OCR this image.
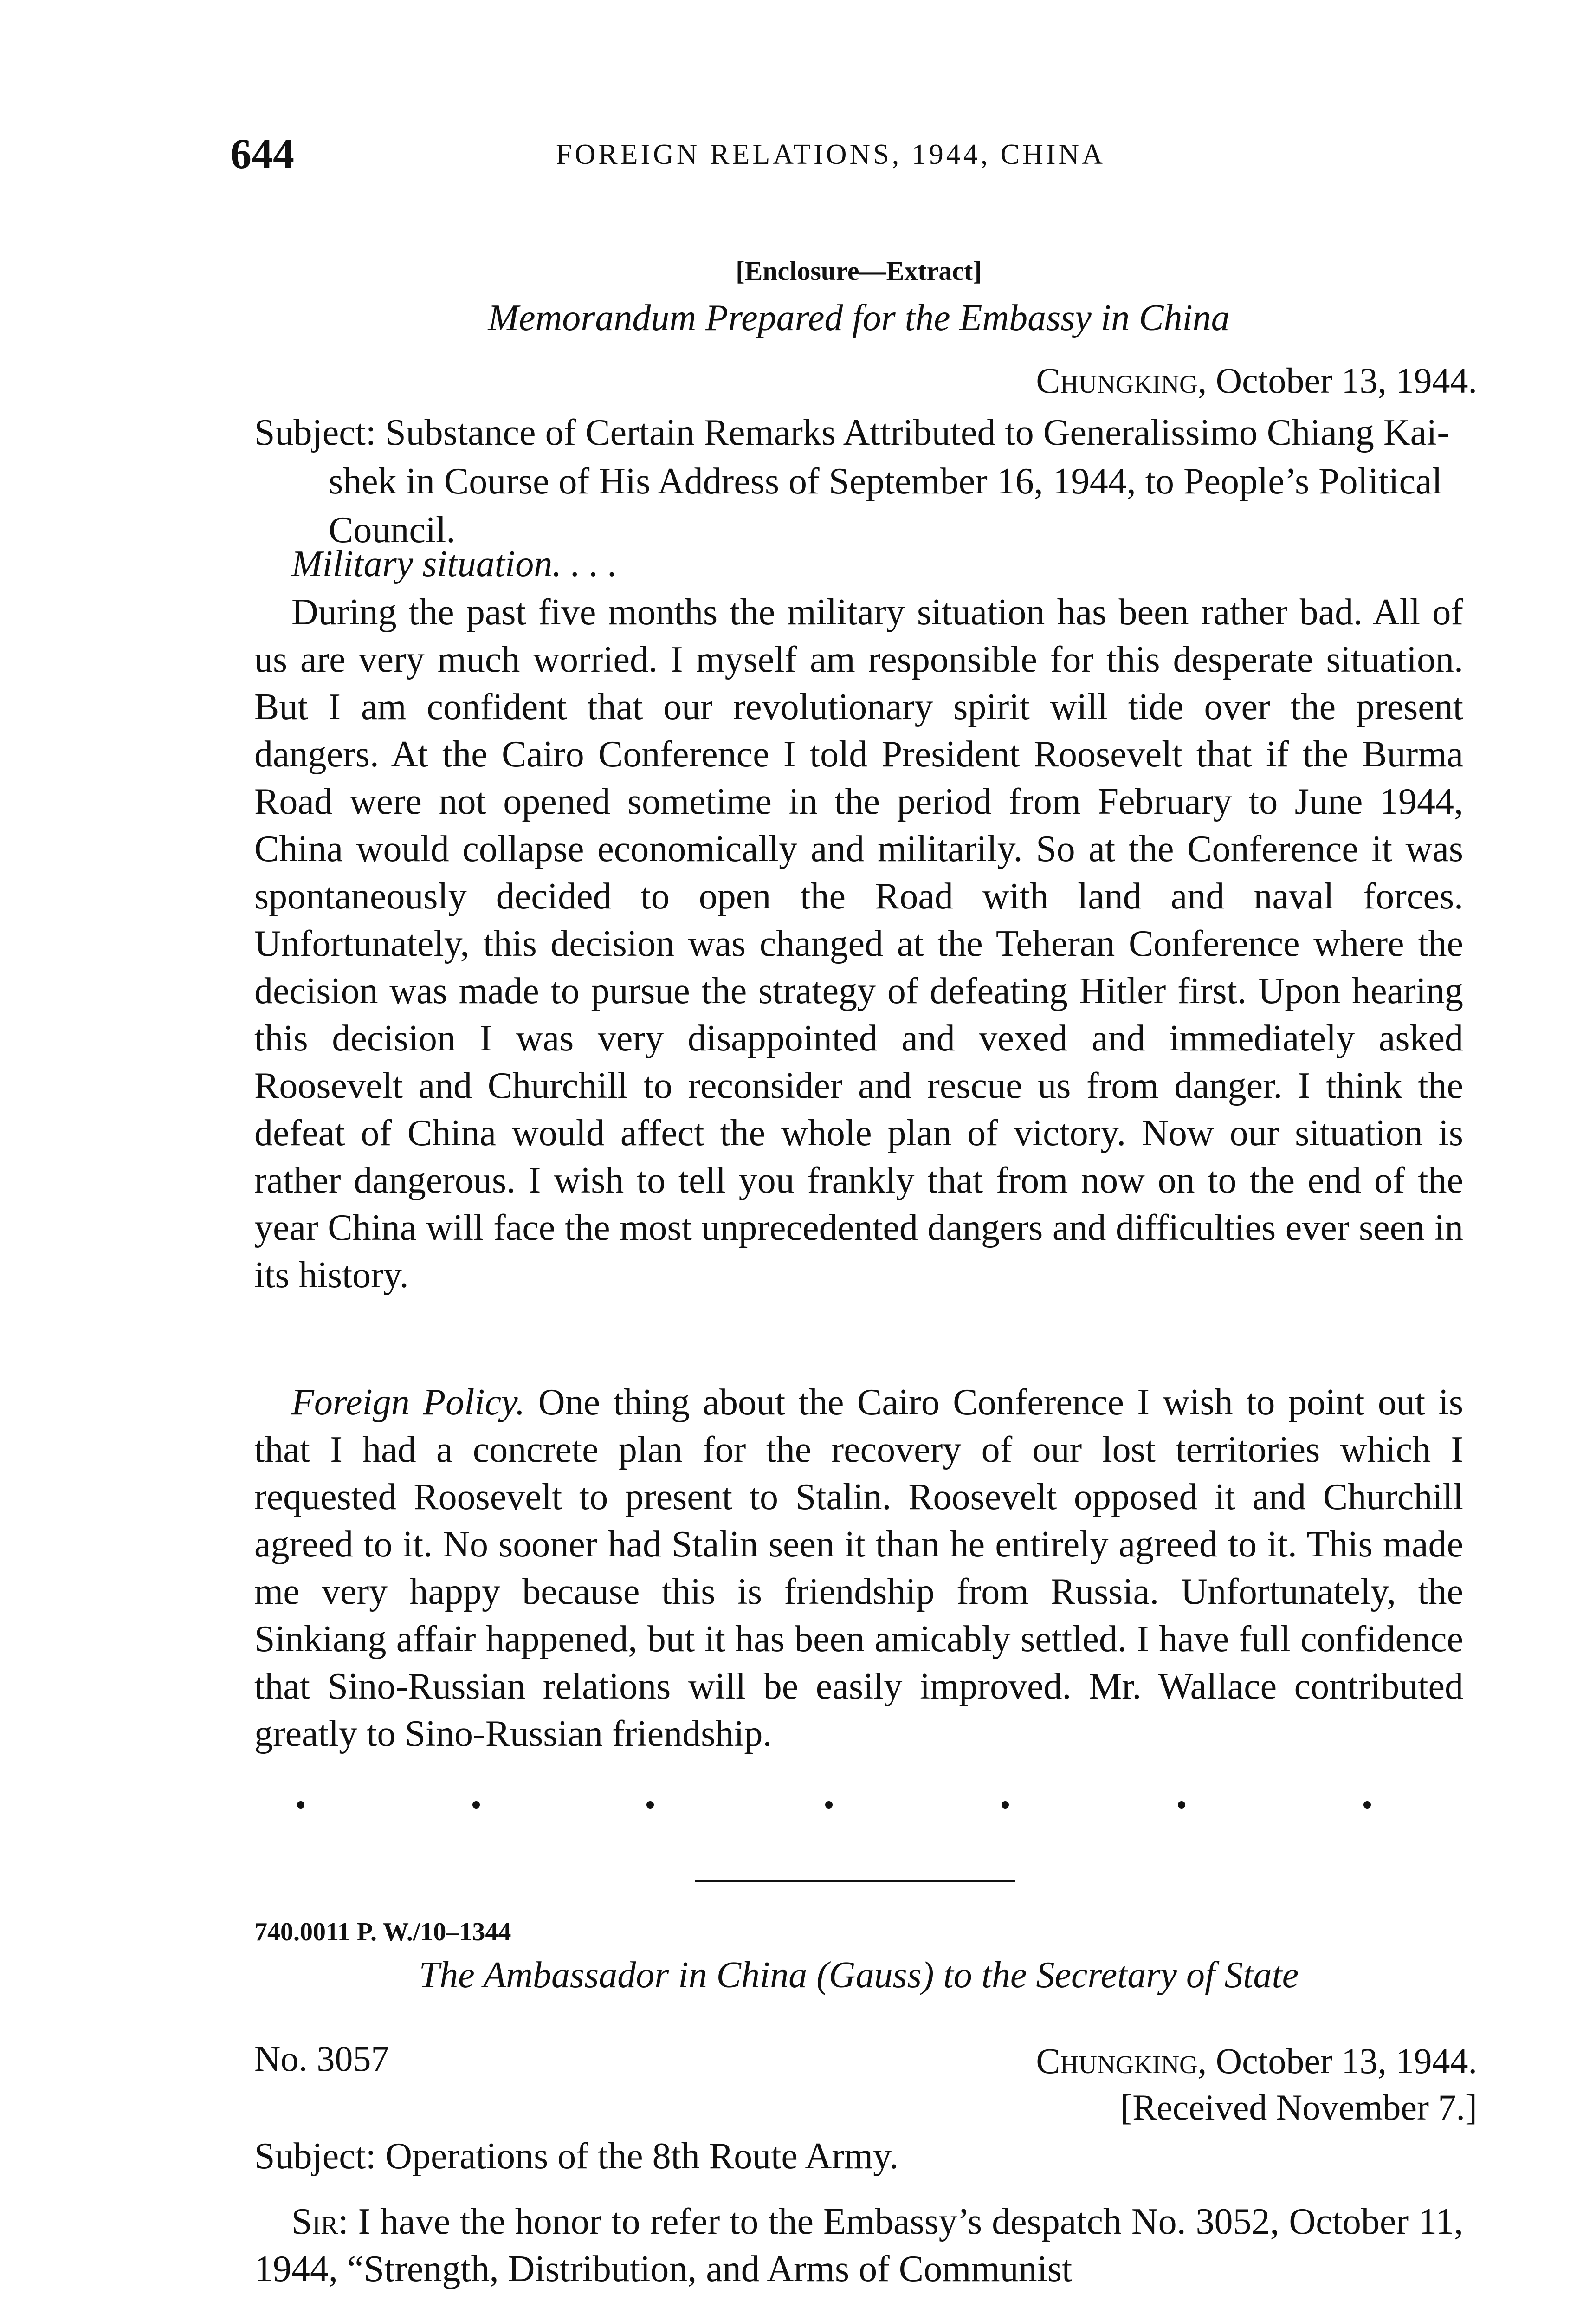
644	FOREIGN RELATIONS, 1944, CHINA
[Enclosure—Extract]
Memorandum Prepared for the Embassy in China
Chungking, October 13, 1944.
Subject: Substance of Certain Remarks Attributed to Generalissimo Chiang Kai-shek in Course of His Address of September 16, 1944, to People’s Political Council.
Military situation. . . .
During the past five months the military situation has been rather bad. All of us are very much worried. I myself am responsible for this desperate situation. But I am confident that our revolutionary spirit will tide over the present dangers. At the Cairo Conference I told President Roosevelt that if the Burma Road were not opened sometime in the period from February to June 1944, China would collapse economically and militarily. So at the Conference it was spontaneously decided to open the Road with land and naval forces. Unfortunately, this decision was changed at the Teheran Conference where the decision was made to pursue the strategy of defeating Hitler first. Upon hearing this decision I was very disappointed and vexed and immediately asked Roosevelt and Churchill to reconsider and rescue us from danger. I think the defeat of China would affect the whole plan of victory. Now our situation is rather dangerous. I wish to tell you frankly that from now on to the end of the year China will face the most unprecedented dangers and difficulties ever seen in its history.
Foreign Policy. One thing about the Cairo Conference I wish to point out is that I had a concrete plan for the recovery of our lost territories which I requested Roosevelt to present to Stalin. Roosevelt opposed it and Churchill agreed to it. No sooner had Stalin seen it than he entirely agreed to it. This made me very happy because this is friendship from Russia. Unfortunately, the Sinkiang affair happened, but it has been amicably settled. I have full confidence that Sino-Russian relations will be easily improved. Mr. Wallace contributed greatly to Sino-Russian friendship.
740.0011 P. W./10–1344
The Ambassador in China (Gauss) to the Secretary of State
No. 3057	Chungking, October 13, 1944.
[Received November 7.]
Subject: Operations of the 8th Route Army.
Sir: I have the honor to refer to the Embassy’s despatch No. 3052, October 11, 1944, “Strength, Distribution, and Arms of Communist
